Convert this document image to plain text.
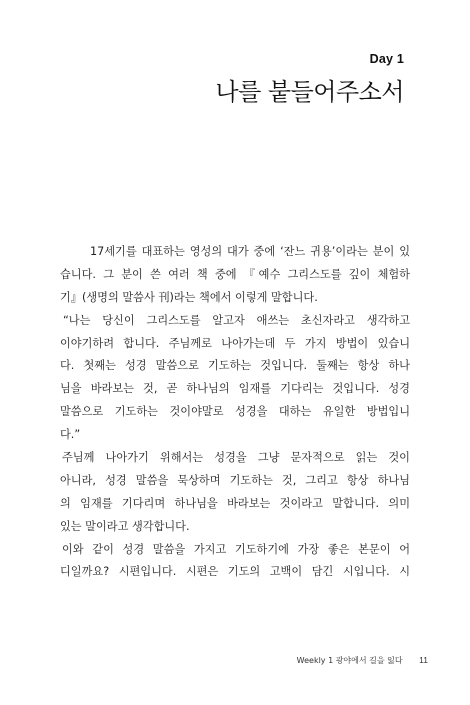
Day 1
나를 붙들어주소서
17세기를 대표하는 영성의 대가 중에 ‘잔느 귀용’이라는 분이 있
습니다. 그 분이 쓴 여러 책 중에 『예수 그리스도를 깊이 체험하
기』(생명의 말씀사 刊)라는 책에서 이렇게 말합니다.
“나는 당신이 그리스도를 알고자 애쓰는 초신자라고 생각하고
이야기하려 합니다. 주님께로 나아가는데 두 가지 방법이 있습니
다. 첫째는 성경 말씀으로 기도하는 것입니다. 둘째는 항상 하나
님을 바라보는 것, 곧 하나님의 임재를 기다리는 것입니다. 성경
말씀으로 기도하는 것이야말로 성경을 대하는 유일한 방법입니
다.”
주님께 나아가기 위해서는 성경을 그냥 문자적으로 읽는 것이
아니라, 성경 말씀을 묵상하며 기도하는 것, 그리고 항상 하나님
의 임재를 기다리며 하나님을 바라보는 것이라고 말합니다. 의미
있는 말이라고 생각합니다.
이와 같이 성경 말씀을 가지고 기도하기에 가장 좋은 본문이 어
디일까요? 시편입니다. 시편은 기도의 고백이 담긴 시입니다. 시
Weekly 1 광야에서 길을 잃다 11
